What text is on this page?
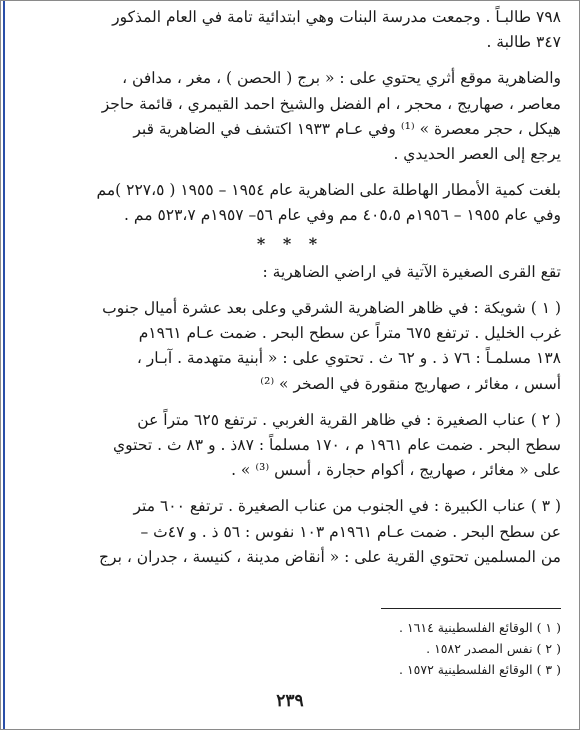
٧٩٨ طالبـاً . وجمعت مدرسة البنات وهي ابتدائية تامة في العام المذكور
٣٤٧ طالبة .
والضاهرية موقع أثري يحتوي على : « برج ( الحصن ) ، مغر ، مدافن ،
معاصر ، صهاريج ، محجر ، ام الفضل والشيخ احمد القيمري ، قائمة حاجز
هيكل ، حجر معصرة » ⁽¹⁾ وفي عـام ١٩٣٣ اكتشف في الضاهرية قبر
يرجع إلى العصر الحديدي .
بلغت كمية الأمطار الهاطلة على الضاهرية عام ١٩٥٤ – ١٩٥٥ ( ٢٢٧،٥ )مم
وفي عام ١٩٥٥ – ١٩٥٦م ٤٠٥،٥ مم وفي عام ٥٦– ١٩٥٧م ٥٢٣،٧ مم .
* * *
تقع القرى الصغيرة الآتية في اراضي الضاهرية :
( ١ ) شويكة : في ظاهر الضاهرية الشرقي وعلى بعد عشرة أميال جنوب
غرب الخليل . ترتفع ٦٧٥ متراً عن سطح البحر . ضمت عـام ١٩٦١م
١٣٨ مسلمـاً : ٧٦ ذ . و ٦٢ ث . تحتوي على : « أبنية متهدمة . آبـار ،
أسس ، مغائر ، صهاريج منقورة في الصخر » ⁽²⁾
( ٢ ) عناب الصغيرة : في ظاهر القرية الغربي . ترتفع ٦٢٥ متراً عن
سطح البحر . ضمت عام ١٩٦١ م ، ١٧٠ مسلماً : ٨٧ذ . و ٨٣ ث . تحتوي
على « مغائر ، صهاريج ، أكوام حجارة ، أسس ⁽³⁾ » .
( ٣ ) عناب الكبيرة : في الجنوب من عناب الصغيرة . ترتفع ٦٠٠ متر
عن سطح البحر . ضمت عـام ١٩٦١م ١٠٣ نفوس : ٥٦ ذ . و ٤٧ث –
من المسلمين تحتوي القرية على : « أنقاض مدينة ، كنيسة ، جدران ، برج
( ١ ) الوقائع الفلسطينية ١٦١٤ .
( ٢ ) نفس المصدر ١٥٨٢ .
( ٣ ) الوقائع الفلسطينية ١٥٧٢ .
٢٣٩
